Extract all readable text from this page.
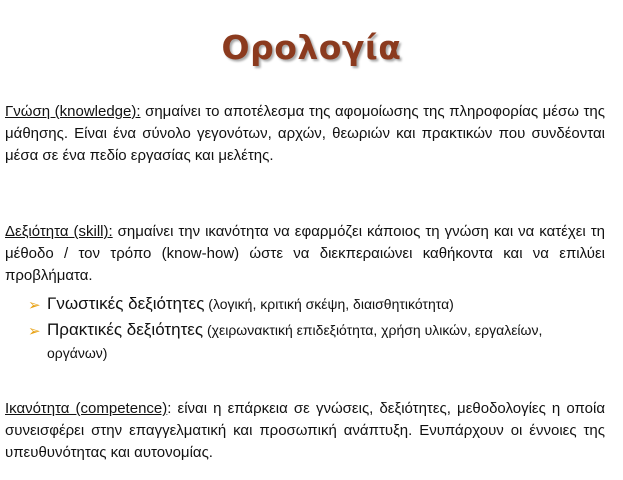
Ορολογία

Γνώση (knowledge): σημαίνει το αποτέλεσμα της αφομοίωσης της πληροφορίας μέσω της μάθησης. Είναι ένα σύνολο γεγονότων, αρχών, θεωριών και πρακτικών που συνδέονται μέσα σε ένα πεδίο εργασίας και μελέτης.

Δεξιότητα (skill): σημαίνει την ικανότητα να εφαρμόζει κάποιος τη γνώση και να κατέχει τη μέθοδο / τον τρόπο (know-how) ώστε να διεκπεραιώνει καθήκοντα και να επιλύει προβλήματα.

➢ Γνωστικές δεξιότητες (λογική, κριτική σκέψη, διαισθητικότητα)
➢ Πρακτικές δεξιότητες (χειρωνακτική επιδεξιότητα, χρήση υλικών, εργαλείων, οργάνων)

Ικανότητα (competence): είναι η επάρκεια σε γνώσεις, δεξιότητες, μεθοδολογίες η οποία συνεισφέρει στην επαγγελματική και προσωπική ανάπτυξη. Ενυπάρχουν οι έννοιες της υπευθυνότητας και αυτονομίας.
